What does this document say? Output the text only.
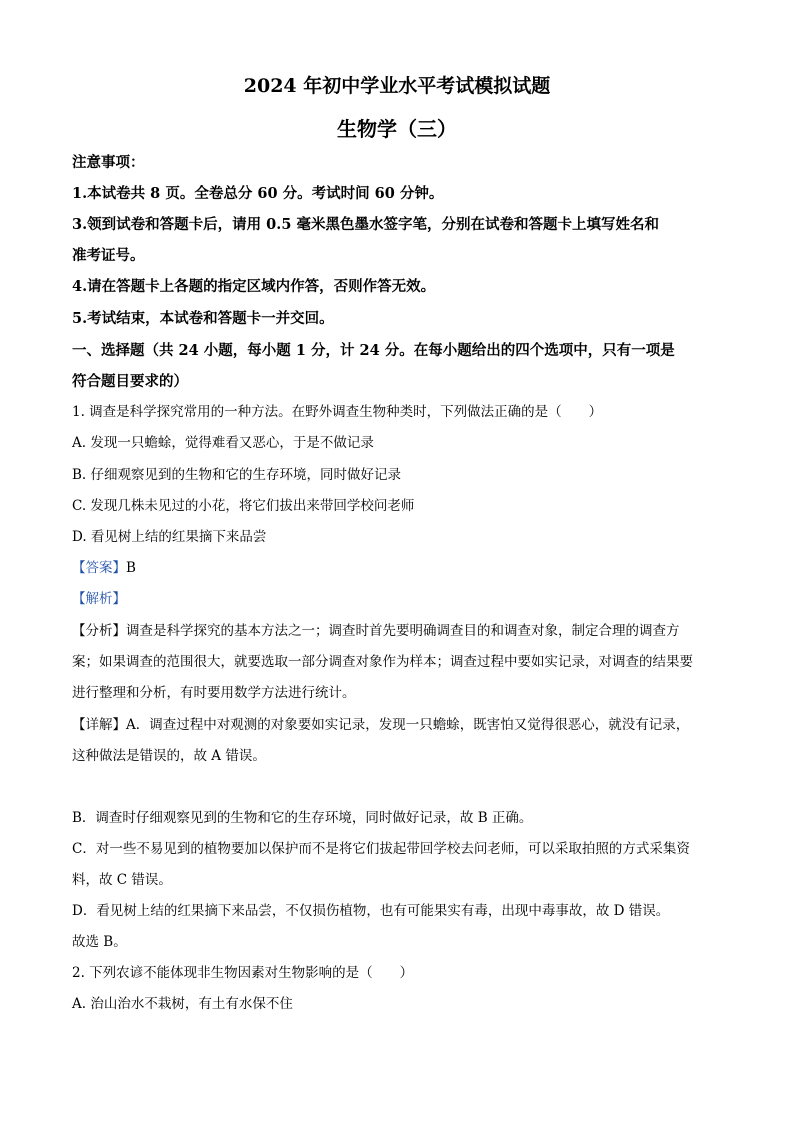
2024 年初中学业水平考试模拟试题
生物学（三）
注意事项：
1.本试卷共 8 页。全卷总分 60 分。考试时间 60 分钟。
3.领到试卷和答题卡后，请用 0.5 毫米黑色墨水签字笔，分别在试卷和答题卡上填写姓名和
准考证号。
4.请在答题卡上各题的指定区域内作答，否则作答无效。
5.考试结束，本试卷和答题卡一并交回。
一、选择题（共 24 小题，每小题 1 分，计 24 分。在每小题给出的四个选项中，只有一项是
符合题目要求的）
1. 调查是科学探究常用的一种方法。在野外调查生物种类时，下列做法正确的是（　　）
A. 发现一只蟾蜍，觉得难看又恶心，于是不做记录
B. 仔细观察见到的生物和它的生存环境，同时做好记录
C. 发现几株未见过的小花，将它们拔出来带回学校问老师
D. 看见树上结的红果摘下来品尝
【答案】B
【解析】
【分析】调查是科学探究的基本方法之一；调查时首先要明确调查目的和调查对象，制定合理的调查方
案；如果调查的范围很大，就要选取一部分调查对象作为样本；调查过程中要如实记录，对调查的结果要
进行整理和分析，有时要用数学方法进行统计。
【详解】A．调查过程中对观测的对象要如实记录，发现一只蟾蜍，既害怕又觉得很恶心，就没有记录，
这种做法是错误的，故 A 错误。
B．调查时仔细观察见到的生物和它的生存环境，同时做好记录，故 B 正确。
C．对一些不易见到的植物要加以保护而不是将它们拔起带回学校去问老师，可以采取拍照的方式采集资
料，故 C 错误。
D．看见树上结的红果摘下来品尝，不仅损伤植物，也有可能果实有毒，出现中毒事故，故 D 错误。
故选 B。
2. 下列农谚不能体现非生物因素对生物影响的是（　　）
A. 治山治水不栽树，有土有水保不住
